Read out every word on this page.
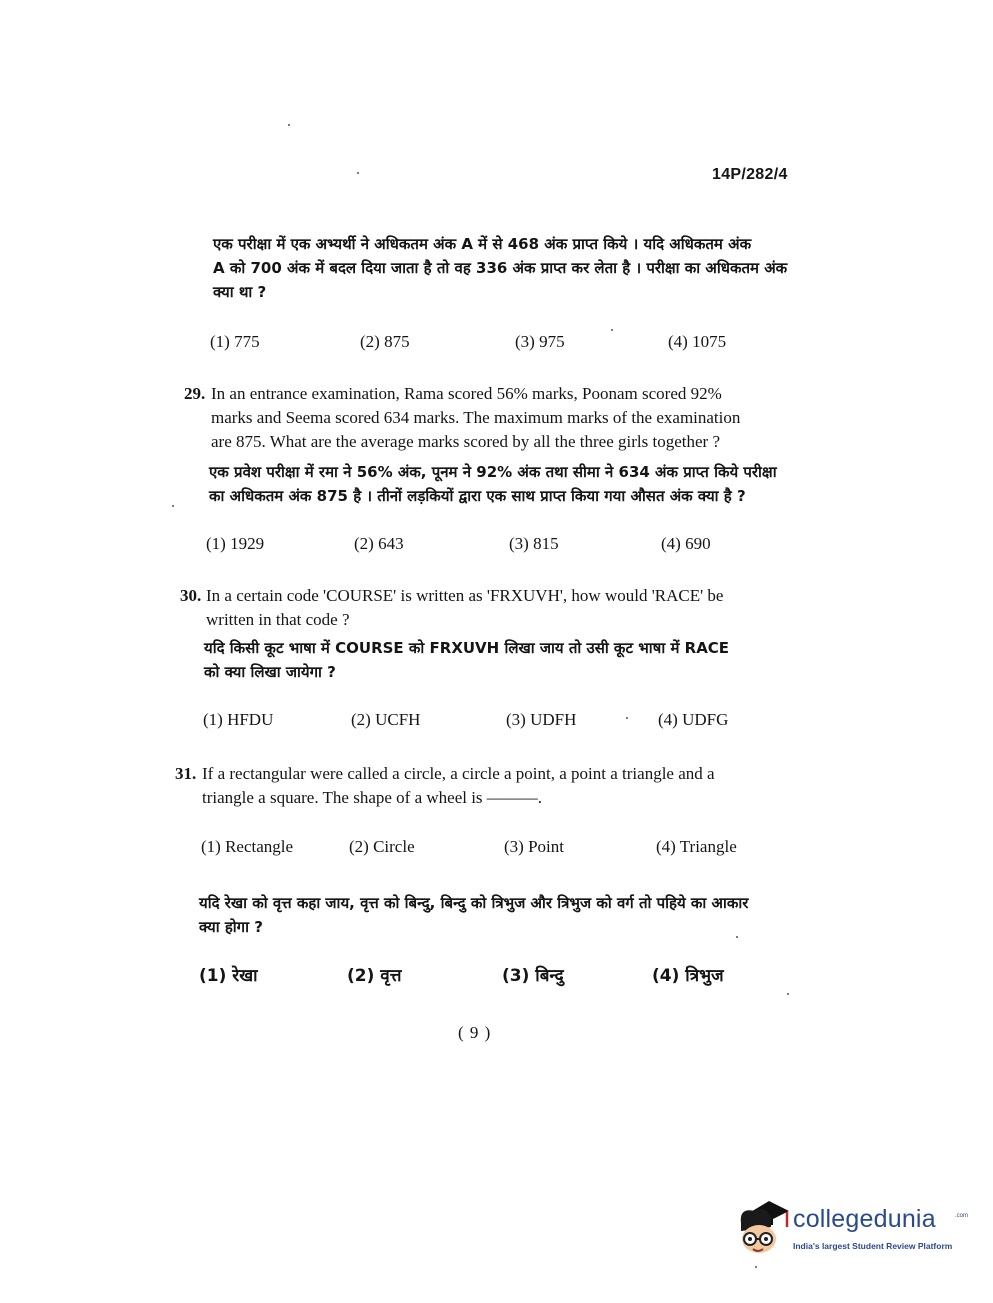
14P/282/4
एक परीक्षा में एक अभ्यर्थी ने अधिकतम अंक A में से 468 अंक प्राप्त किये । यदि अधिकतम अंक
A को 700 अंक में बदल दिया जाता है तो वह 336 अंक प्राप्त कर लेता है । परीक्षा का अधिकतम अंक
क्या था ?
(1) 775	(2) 875	(3) 975	(4) 1075
29. In an entrance examination, Rama scored 56% marks, Poonam scored 92%
marks and Seema scored 634 marks. The maximum marks of the examination
are 875. What are the average marks scored by all the three girls together ?
एक प्रवेश परीक्षा में रमा ने 56% अंक, पूनम ने 92% अंक तथा सीमा ने 634 अंक प्राप्त किये परीक्षा
का अधिकतम अंक 875 है । तीनों लड़कियों द्वारा एक साथ प्राप्त किया गया औसत अंक क्या है ?
(1) 1929	(2) 643	(3) 815	(4) 690
30. In a certain code 'COURSE' is written as 'FRXUVH', how would 'RACE' be
written in that code ?
यदि किसी कूट भाषा में COURSE को FRXUVH लिखा जाय तो उसी कूट भाषा में RACE
को क्या लिखा जायेगा ?
(1) HFDU	(2) UCFH	(3) UDFH	(4) UDFG
31. If a rectangular were called a circle, a circle a point, a point a triangle and a
triangle a square. The shape of a wheel is ———.
(1) Rectangle	(2) Circle	(3) Point	(4) Triangle
यदि रेखा को वृत्त कहा जाय, वृत्त को बिन्दु, बिन्दु को त्रिभुज और त्रिभुज को वर्ग तो पहिये का आकार
क्या होगा ?
(1) रेखा	(2) वृत्त	(3) बिन्दु	(4) त्रिभुज
( 9 )
collegedunia	.com
India's largest Student Review Platform
